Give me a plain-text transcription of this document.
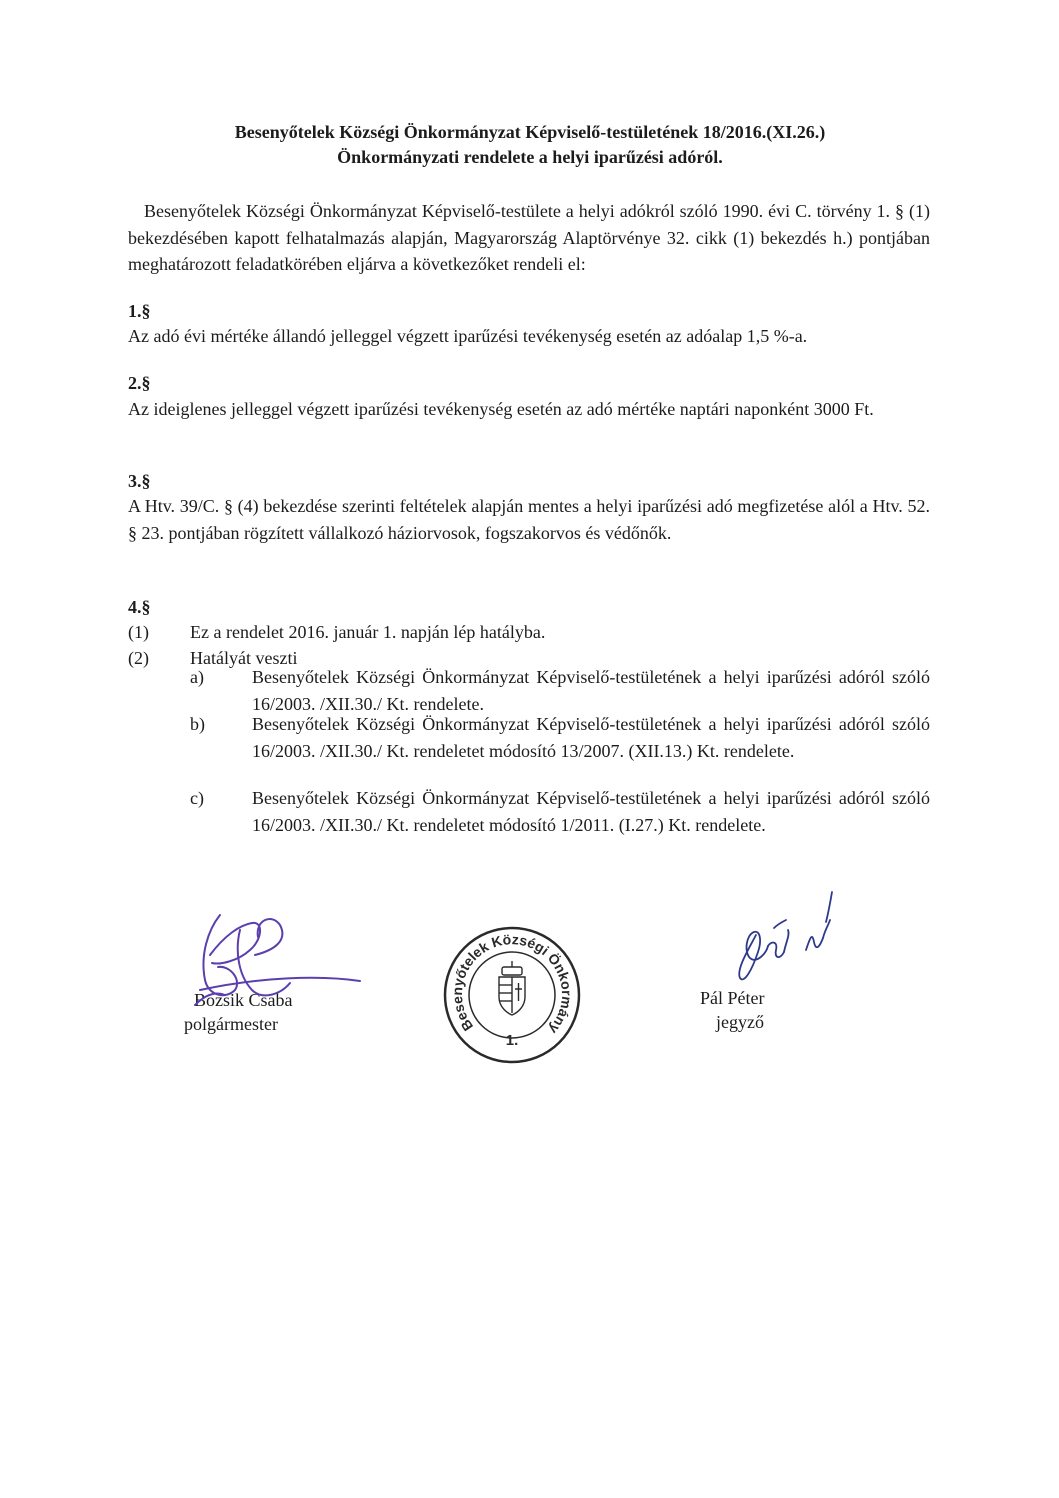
Besenyőtelek Községi Önkormányzat Képviselő-testületének 18/2016.(XI.26.)
Önkormányzati rendelete a helyi iparűzési adóról.
Besenyőtelek Községi Önkormányzat Képviselő-testülete a helyi adókról szóló 1990. évi C. törvény 1. § (1) bekezdésében kapott felhatalmazás alapján, Magyarország Alaptörvénye 32. cikk (1) bekezdés h.) pontjában meghatározott feladatkörében eljárva a következőket rendeli el:
1.§
Az adó évi mértéke állandó jelleggel végzett iparűzési tevékenység esetén az adóalap 1,5 %-a.
2.§
Az ideiglenes jelleggel végzett iparűzési tevékenység esetén az adó mértéke naptári naponként 3000 Ft.
3.§
A Htv. 39/C. § (4) bekezdése szerinti feltételek alapján mentes a helyi iparűzési adó megfizetése alól a Htv. 52. § 23. pontjában rögzített vállalkozó háziorvosok, fogszakorvos és védőnők.
4.§
(1) Ez a rendelet 2016. január 1. napján lép hatályba.
(2) Hatályát veszti
a)	Besenyőtelek Községi Önkormányzat Képviselő-testületének a helyi iparűzési adóról szóló 16/2003. /XII.30./ Kt. rendelete.
b)	Besenyőtelek Községi Önkormányzat Képviselő-testületének a helyi iparűzési adóról szóló 16/2003. /XII.30./ Kt. rendeletet módosító 13/2007. (XII.13.) Kt. rendelete.
c)	Besenyőtelek Községi Önkormányzat Képviselő-testületének a helyi iparűzési adóról szóló 16/2003. /XII.30./ Kt. rendeletet módosító 1/2011. (I.27.) Kt. rendelete.
Bozsik Csaba
polgármester	Besenyőtelek Községi Önkormányzat
1.
Pál Péter
jegyző
